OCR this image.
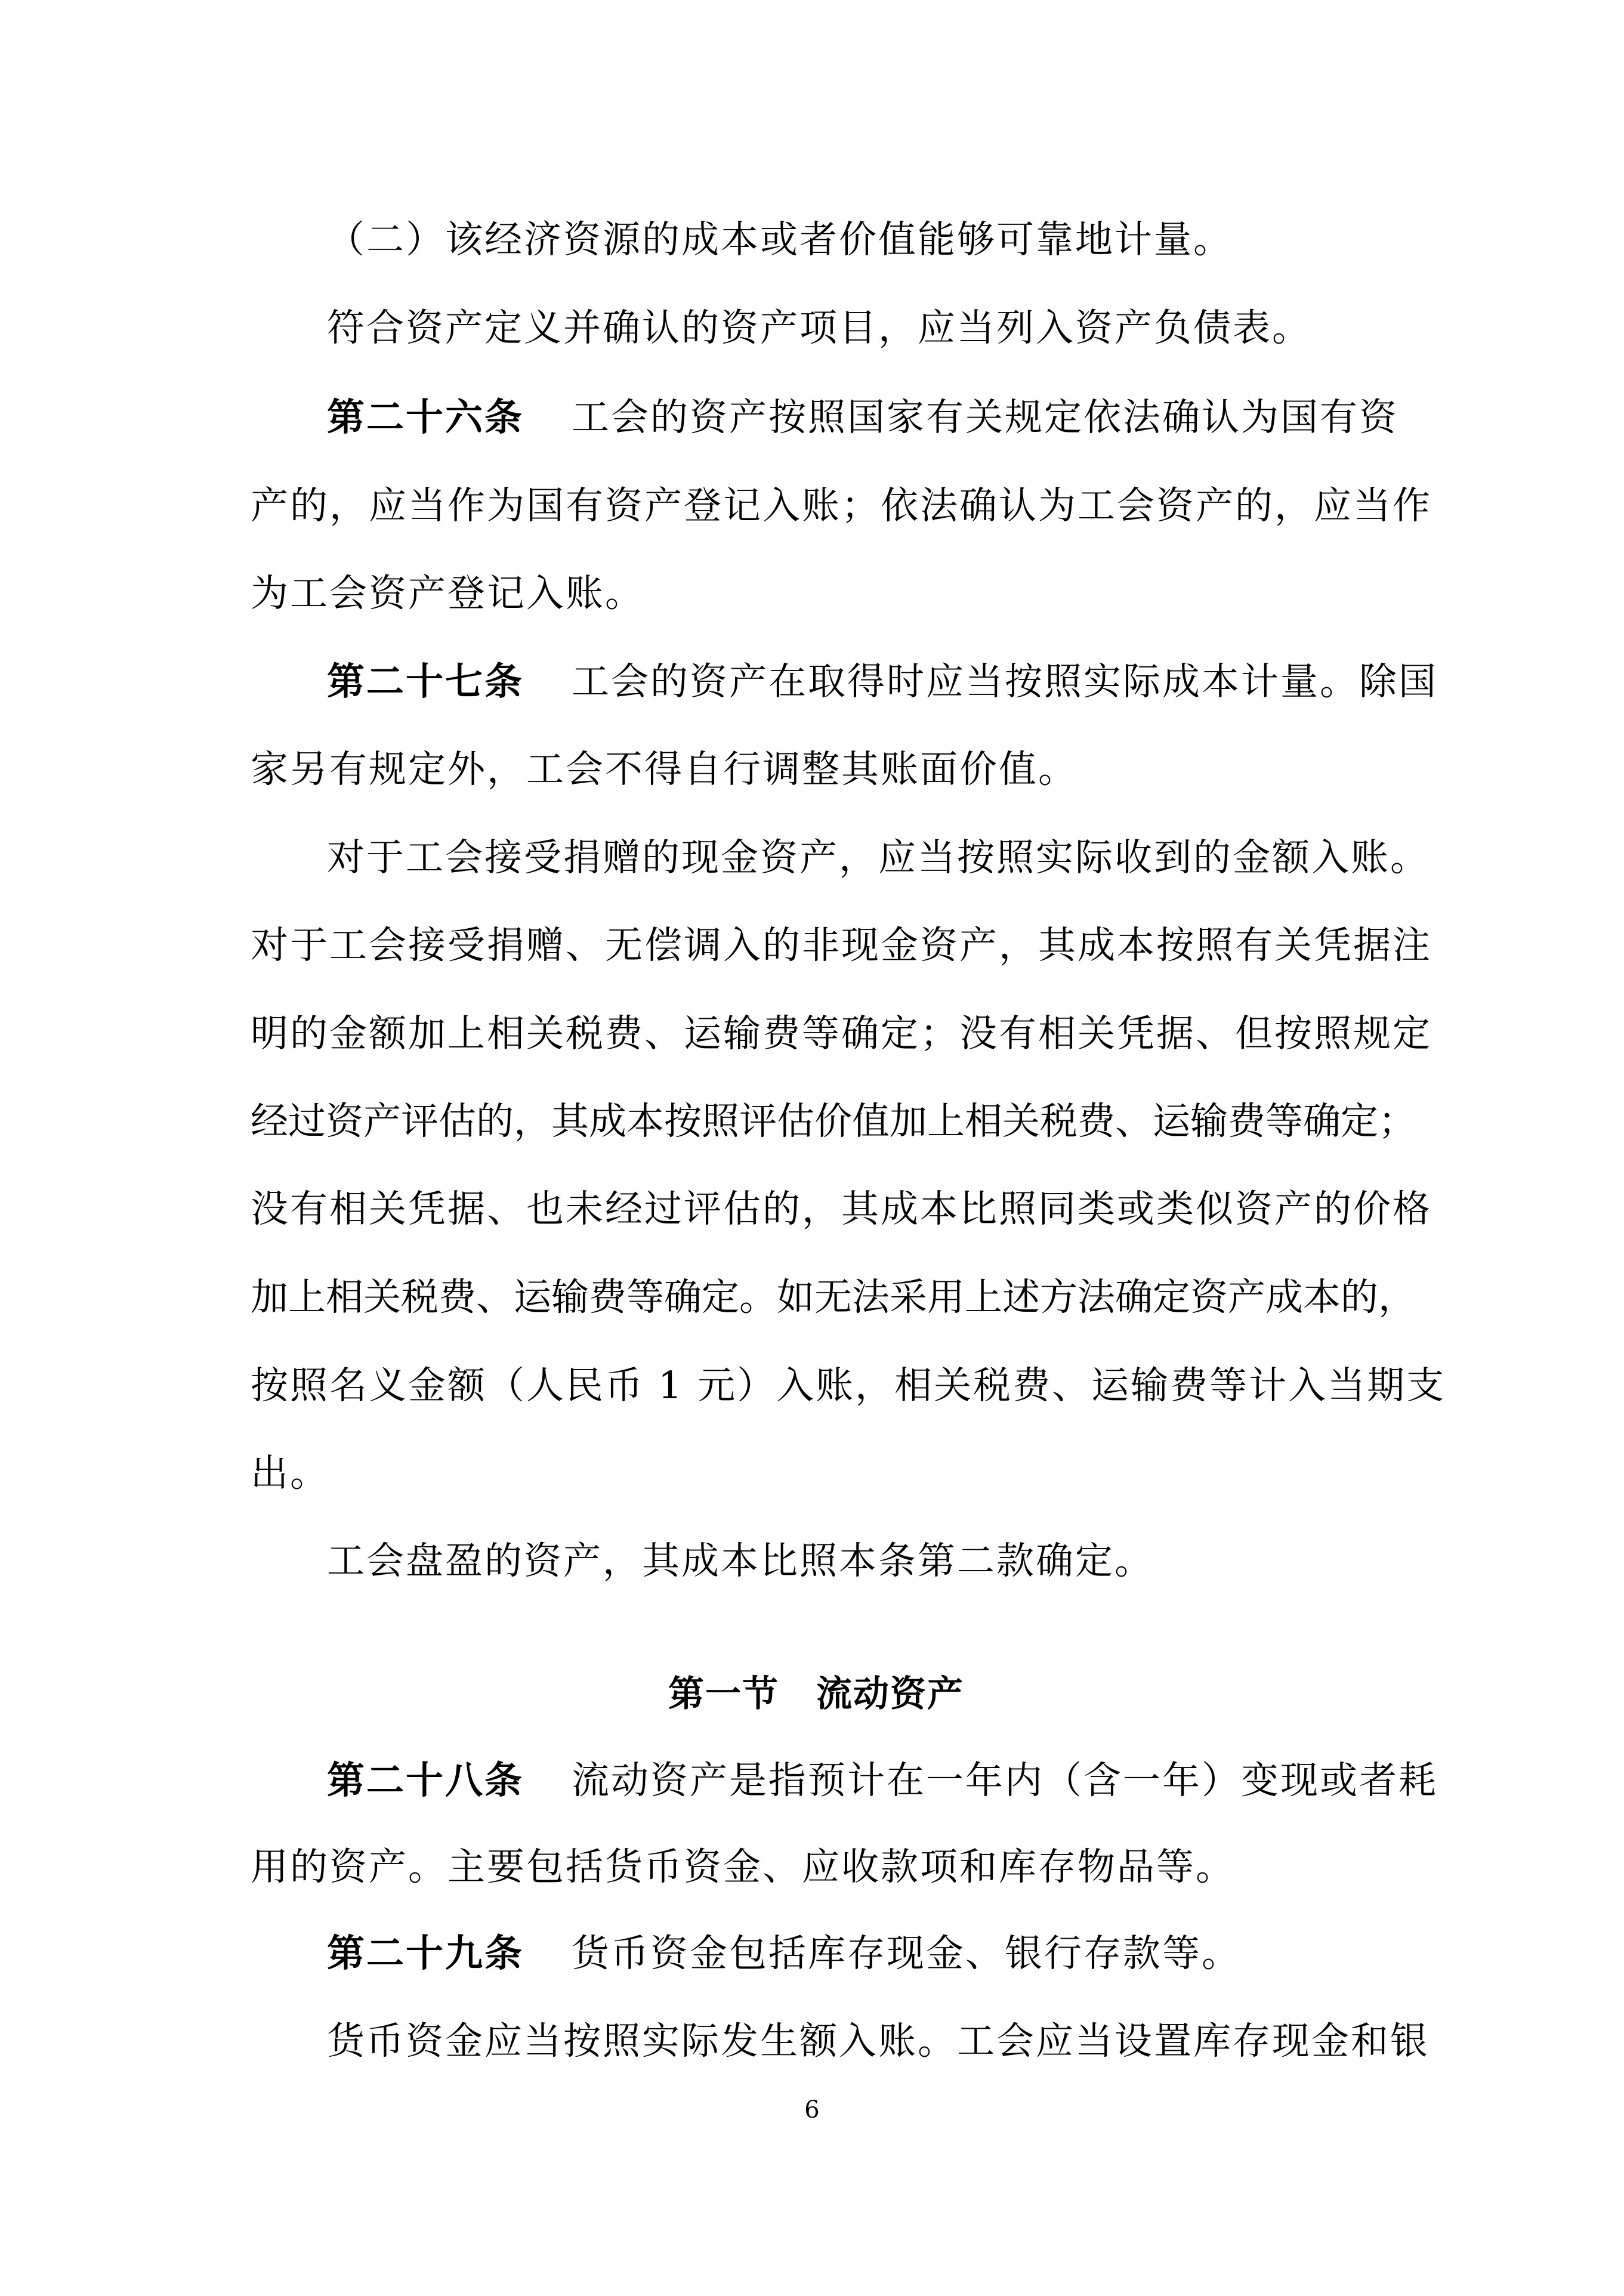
（二）该经济资源的成本或者价值能够可靠地计量。
符合资产定义并确认的资产项目，应当列入资产负债表。
第二十六条 工会的资产按照国家有关规定依法确认为国有资
产的，应当作为国有资产登记入账；依法确认为工会资产的，应当作
为工会资产登记入账。
第二十七条 工会的资产在取得时应当按照实际成本计量。除国
家另有规定外，工会不得自行调整其账面价值。
对于工会接受捐赠的现金资产，应当按照实际收到的金额入账。
对于工会接受捐赠、无偿调入的非现金资产，其成本按照有关凭据注
明的金额加上相关税费、运输费等确定；没有相关凭据、但按照规定
经过资产评估的，其成本按照评估价值加上相关税费、运输费等确定；
没有相关凭据、也未经过评估的，其成本比照同类或类似资产的价格
加上相关税费、运输费等确定。如无法采用上述方法确定资产成本的，
按照名义金额（人民币 1 元）入账，相关税费、运输费等计入当期支
出。
工会盘盈的资产，其成本比照本条第二款确定。
第一节　流动资产
第二十八条 流动资产是指预计在一年内（含一年）变现或者耗
用的资产。主要包括货币资金、应收款项和库存物品等。
第二十九条 货币资金包括库存现金、银行存款等。
货币资金应当按照实际发生额入账。工会应当设置库存现金和银
6
